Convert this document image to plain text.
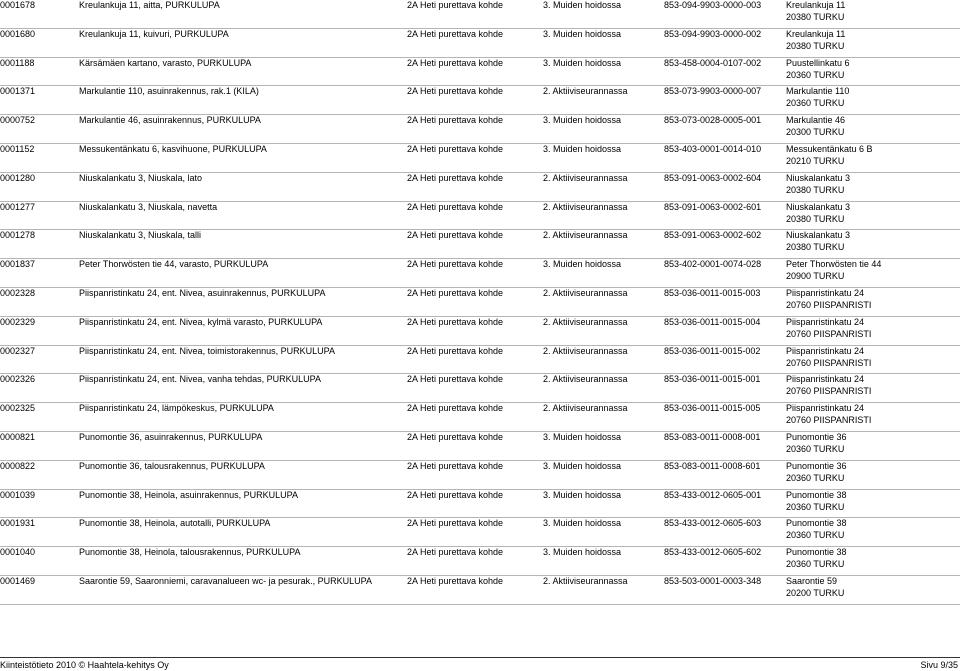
0001678	Kreulankuja 11, aitta, PURKULUPA	2A Heti purettava kohde	3. Muiden hoidossa	853-094-9903-0000-003	Kreulankuja 11
20380 TURKU
0001680	Kreulankuja 11, kuivuri, PURKULUPA	2A Heti purettava kohde	3. Muiden hoidossa	853-094-9903-0000-002	Kreulankuja 11
20380 TURKU
0001188	Kärsämäen kartano, varasto, PURKULUPA	2A Heti purettava kohde	3. Muiden hoidossa	853-458-0004-0107-002	Puustellinkatu 6
20360 TURKU
0001371	Markulantie 110, asuinrakennus, rak.1 (KILA)	2A Heti purettava kohde	2. Aktiiviseurannassa	853-073-9903-0000-007	Markulantie 110
20360 TURKU
0000752	Markulantie 46, asuinrakennus, PURKULUPA	2A Heti purettava kohde	3. Muiden hoidossa	853-073-0028-0005-001	Markulantie 46
20300 TURKU
0001152	Messukentänkatu 6, kasvihuone, PURKULUPA	2A Heti purettava kohde	3. Muiden hoidossa	853-403-0001-0014-010	Messukentänkatu 6 B
20210 TURKU
0001280	Niuskalankatu 3, Niuskala, lato	2A Heti purettava kohde	2. Aktiiviseurannassa	853-091-0063-0002-604	Niuskalankatu 3
20380 TURKU
0001277	Niuskalankatu 3, Niuskala, navetta	2A Heti purettava kohde	2. Aktiiviseurannassa	853-091-0063-0002-601	Niuskalankatu 3
20380 TURKU
0001278	Niuskalankatu 3, Niuskala, talli	2A Heti purettava kohde	2. Aktiiviseurannassa	853-091-0063-0002-602	Niuskalankatu 3
20380 TURKU
0001837	Peter Thorwösten tie 44, varasto, PURKULUPA	2A Heti purettava kohde	3. Muiden hoidossa	853-402-0001-0074-028	Peter Thorwösten tie 44
20900 TURKU
0002328	Piispanristinkatu 24, ent. Nivea, asuinrakennus, PURKULUPA	2A Heti purettava kohde	2. Aktiiviseurannassa	853-036-0011-0015-003	Piispanristinkatu 24
20760 PIISPANRISTI
0002329	Piispanristinkatu 24, ent. Nivea, kylmä varasto, PURKULUPA	2A Heti purettava kohde	2. Aktiiviseurannassa	853-036-0011-0015-004	Piispanristinkatu 24
20760 PIISPANRISTI
0002327	Piispanristinkatu 24, ent. Nivea, toimistorakennus, PURKULUPA	2A Heti purettava kohde	2. Aktiiviseurannassa	853-036-0011-0015-002	Piispanristinkatu 24
20760 PIISPANRISTI
0002326	Piispanristinkatu 24, ent. Nivea, vanha tehdas, PURKULUPA	2A Heti purettava kohde	2. Aktiiviseurannassa	853-036-0011-0015-001	Piispanristinkatu 24
20760 PIISPANRISTI
0002325	Piispanristinkatu 24, lämpökeskus, PURKULUPA	2A Heti purettava kohde	2. Aktiiviseurannassa	853-036-0011-0015-005	Piispanristinkatu 24
20760 PIISPANRISTI
0000821	Punomontie 36, asuinrakennus, PURKULUPA	2A Heti purettava kohde	3. Muiden hoidossa	853-083-0011-0008-001	Punomontie 36
20360 TURKU
0000822	Punomontie 36, talousrakennus, PURKULUPA	2A Heti purettava kohde	3. Muiden hoidossa	853-083-0011-0008-601	Punomontie 36
20360 TURKU
0001039	Punomontie 38, Heinola, asuinrakennus, PURKULUPA	2A Heti purettava kohde	3. Muiden hoidossa	853-433-0012-0605-001	Punomontie 38
20360 TURKU
0001931	Punomontie 38, Heinola, autotalli, PURKULUPA	2A Heti purettava kohde	3. Muiden hoidossa	853-433-0012-0605-603	Punomontie 38
20360 TURKU
0001040	Punomontie 38, Heinola, talousrakennus, PURKULUPA	2A Heti purettava kohde	3. Muiden hoidossa	853-433-0012-0605-602	Punomontie 38
20360 TURKU
0001469	Saarontie 59, Saaronniemi, caravanalueen wc- ja pesurak., PURKULUPA	2A Heti purettava kohde	2. Aktiiviseurannassa	853-503-0001-0003-348	Saarontie 59
20200 TURKU
Kiinteistötieto 2010 © Haahtela-kehitys Oy	Sivu 9/35
